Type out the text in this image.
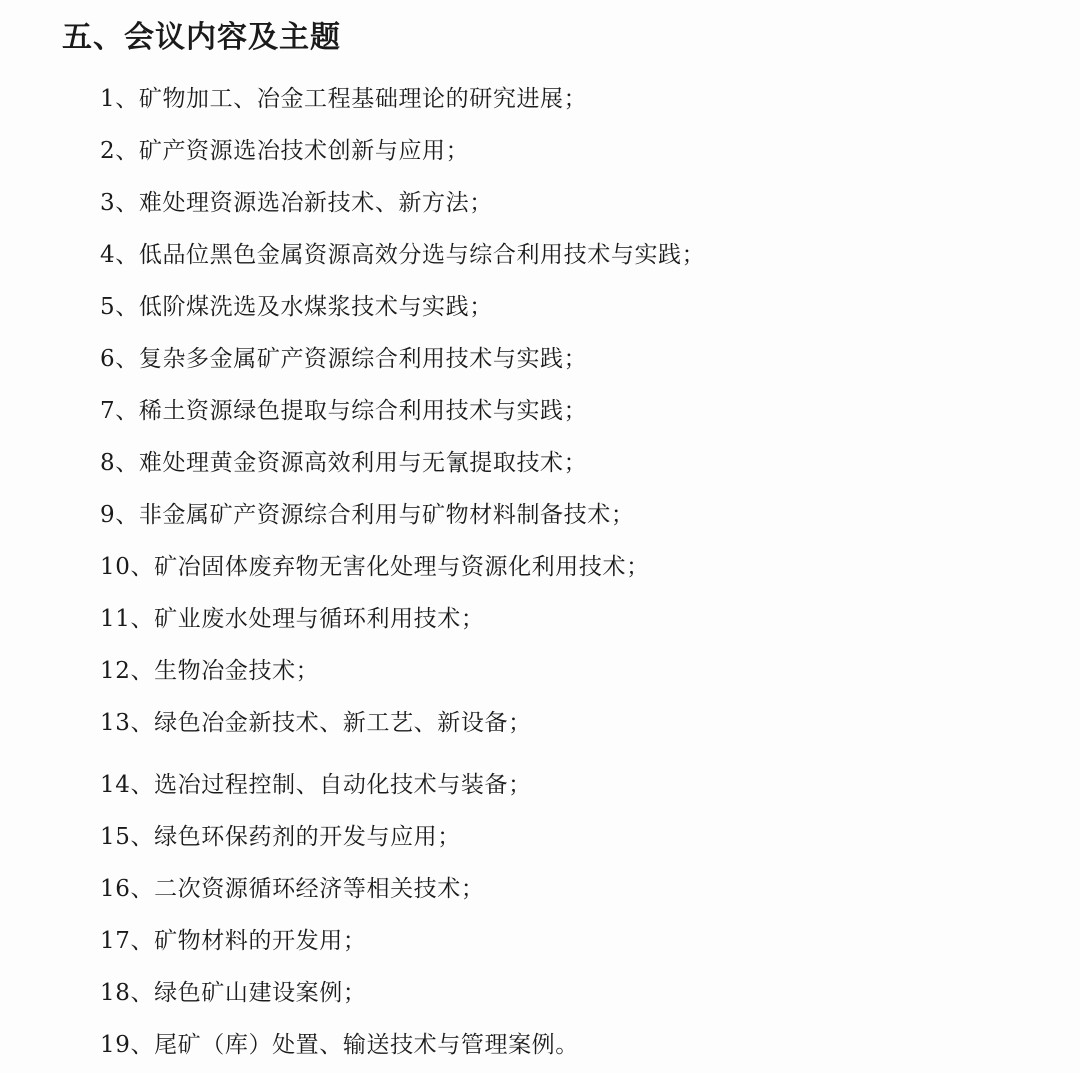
五、会议内容及主题
1、矿物加工、冶金工程基础理论的研究进展；
2、矿产资源选冶技术创新与应用；
3、难处理资源选冶新技术、新方法；
4、低品位黑色金属资源高效分选与综合利用技术与实践；
5、低阶煤洗选及水煤浆技术与实践；
6、复杂多金属矿产资源综合利用技术与实践；
7、稀土资源绿色提取与综合利用技术与实践；
8、难处理黄金资源高效利用与无氰提取技术；
9、非金属矿产资源综合利用与矿物材料制备技术；
10、矿冶固体废弃物无害化处理与资源化利用技术；
11、矿业废水处理与循环利用技术；
12、生物冶金技术；
13、绿色冶金新技术、新工艺、新设备；
14、选冶过程控制、自动化技术与装备；
15、绿色环保药剂的开发与应用；
16、二次资源循环经济等相关技术；
17、矿物材料的开发用；
18、绿色矿山建设案例；
19、尾矿（库）处置、输送技术与管理案例。
